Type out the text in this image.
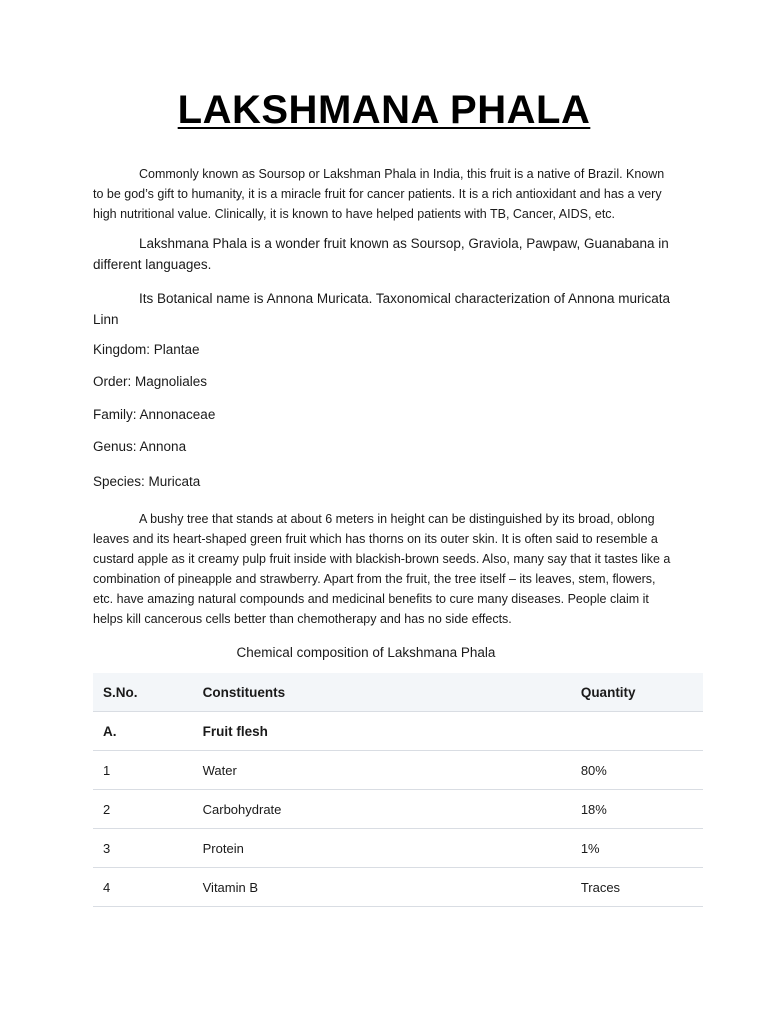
LAKSHMANA PHALA

Commonly known as Soursop or Lakshman Phala in India, this fruit is a native of Brazil. Known to be god’s gift to humanity, it is a miracle fruit for cancer patients. It is a rich antioxidant and has a very high nutritional value. Clinically, it is known to have helped patients with TB, Cancer, AIDS, etc.

Lakshmana Phala is a wonder fruit known as Soursop, Graviola, Pawpaw, Guanabana in different languages.

Its Botanical name is Annona Muricata. Taxonomical characterization of Annona muricata Linn

Kingdom: Plantae

Order: Magnoliales

Family: Annonaceae

Genus: Annona

Species: Muricata

A bushy tree that stands at about 6 meters in height can be distinguished by its broad, oblong leaves and its heart-shaped green fruit which has thorns on its outer skin. It is often said to resemble a custard apple as it creamy pulp fruit inside with blackish-brown seeds. Also, many say that it tastes like a combination of pineapple and strawberry. Apart from the fruit, the tree itself – its leaves, stem, flowers, etc. have amazing natural compounds and medicinal benefits to cure many diseases. People claim it helps kill cancerous cells better than chemotherapy and has no side effects.

Chemical composition of Lakshmana Phala
S.No.	Constituents	Quantity
A.	Fruit flesh	
1	Water	80%
2	Carbohydrate	18%
3	Protein	1%
4	Vitamin B	Traces
